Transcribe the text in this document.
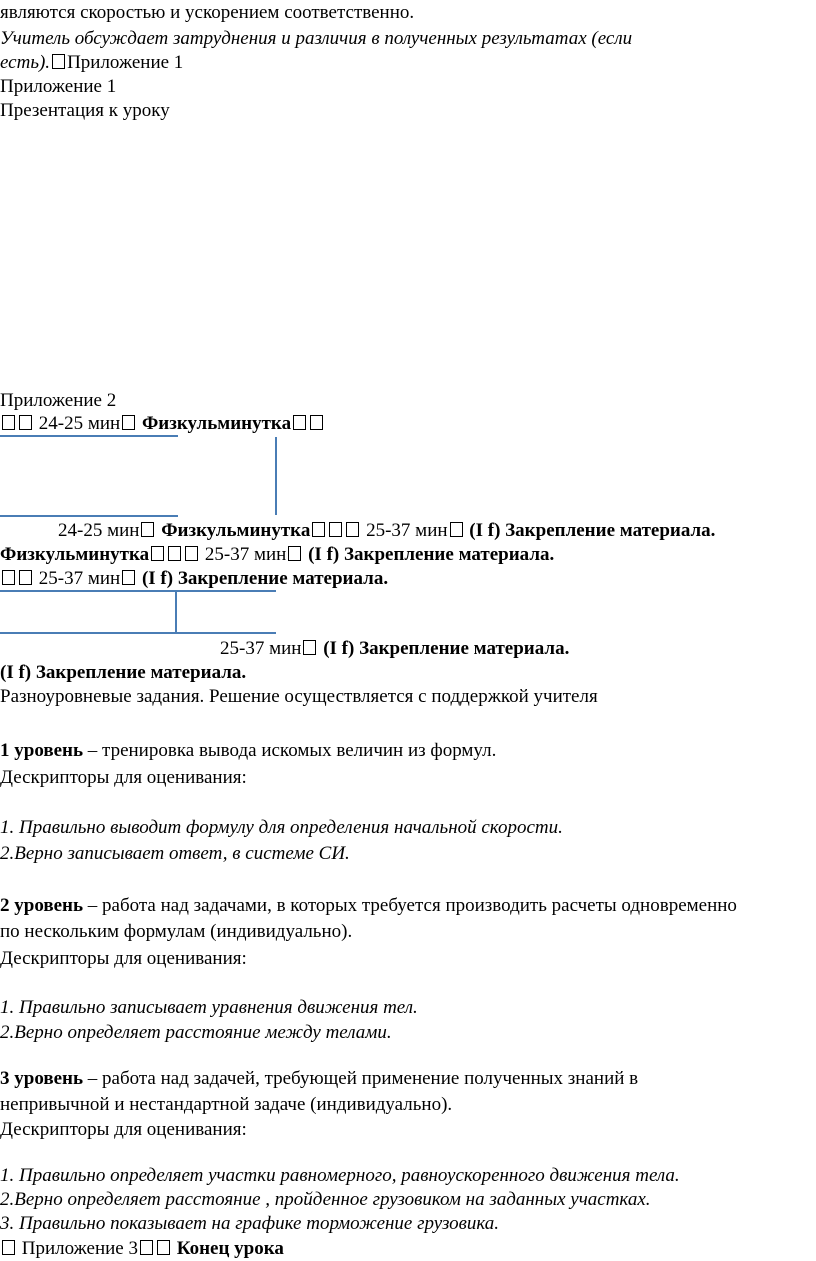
являются скоростью и ускорением соответственно.
Учитель обсуждает затруднения и различия в полученных результатах (если
есть). Приложение 1
Приложение 1
Презентация к уроку
Приложение 2
24-25 мин Физкульминутка
24-25 мин Физкульминутка	25-37 мин (I f) Закрепление материала.
Физкульминутка	25-37 мин (I f) Закрепление материала.
25-37 мин (I f) Закрепление материала.
25-37 мин (I f) Закрепление материала.
(I f) Закрепление материала.
Разноуровневые задания. Решение осуществляется с поддержкой учителя
1 уровень – тренировка вывода искомых величин из формул.
Дескрипторы для оценивания:
1. Правильно выводит формулу для определения начальной скорости.
2.Верно записывает ответ, в системе СИ.
2 уровень – работа над задачами, в которых требуется производить расчеты одновременно
по нескольким формулам (индивидуально).
Дескрипторы для оценивания:
1. Правильно записывает уравнения движения тел.
2.Верно определяет расстояние между телами.
3 уровень – работа над задачей, требующей применение полученных знаний в
непривычной и нестандартной задаче (индивидуально).
Дескрипторы для оценивания:
1. Правильно определяет участки равномерного, равноускоренного движения тела.
2.Верно определяет расстояние , пройденное грузовиком на заданных участках.
3. Правильно показывает на графике торможение грузовика.
Приложение 3 Конец урока
